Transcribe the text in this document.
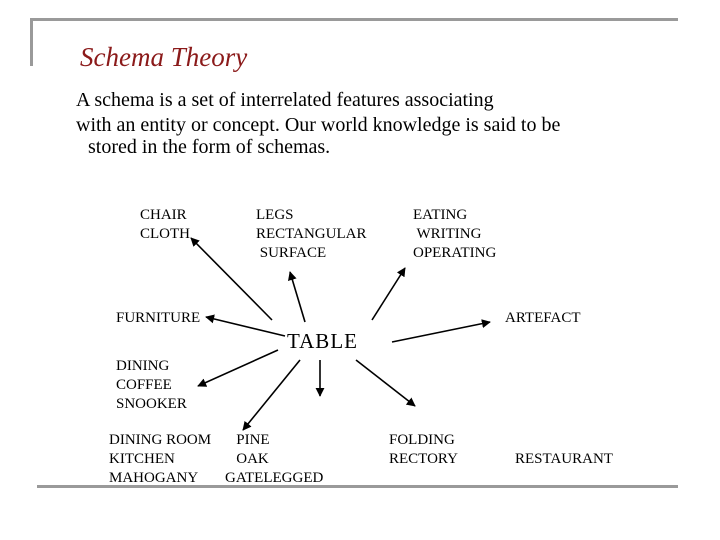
Schema Theory
A schema is a set of interrelated features associating
with an entity or concept. Our world knowledge is said to be
stored in the form of schemas.
CHAIR
CLOTH
LEGS
RECTANGULAR
SURFACE
EATING
WRITING
OPERATING
FURNITURE	ARTEFACT
TABLE
DINING
COFFEE
SNOOKER
DINING ROOM
KITCHEN
MAHOGANY
PINE
OAK
GATELEGGED
FOLDING
RECTORY	RESTAURANT
